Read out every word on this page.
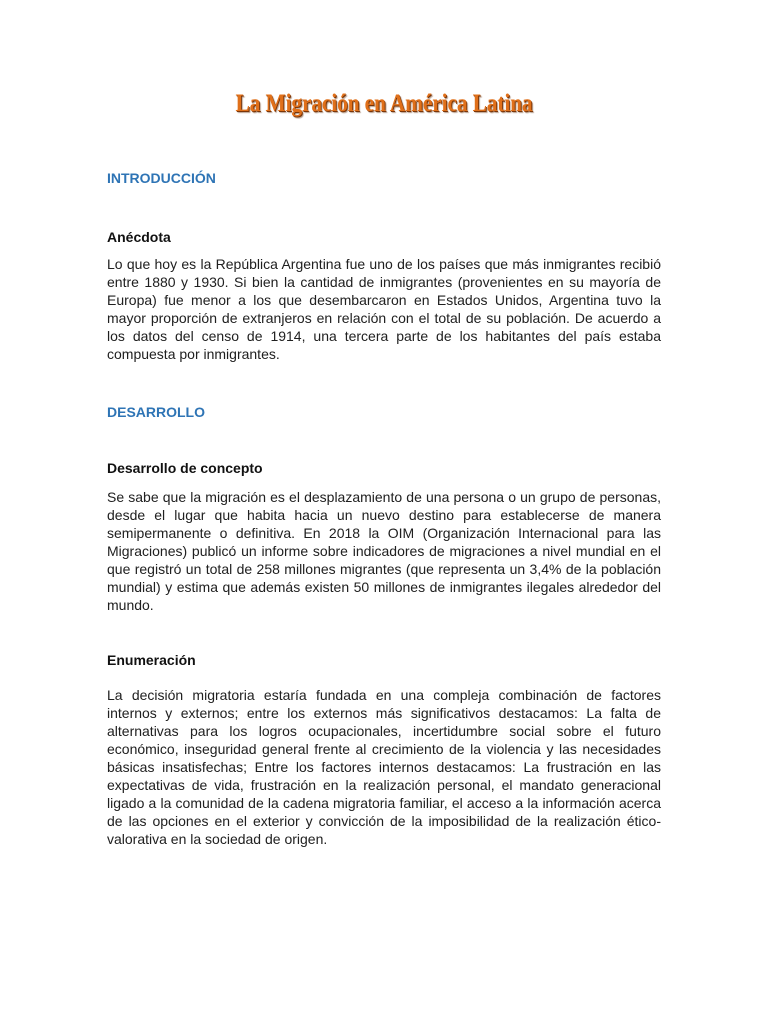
La Migración en América Latina
INTRODUCCIÓN
Anécdota

Lo que hoy es la República Argentina fue uno de los países que más inmigrantes recibió entre 1880 y 1930. Si bien la cantidad de inmigrantes (provenientes en su mayoría de Europa) fue menor a los que desembarcaron en Estados Unidos, Argentina tuvo la mayor proporción de extranjeros en relación con el total de su población. De acuerdo a los datos del censo de 1914, una tercera parte de los habitantes del país estaba compuesta por inmigrantes.

DESARROLLO
Desarrollo de concepto

Se sabe que la migración es el desplazamiento de una persona o un grupo de personas, desde el lugar que habita hacia un nuevo destino para establecerse de manera semipermanente o definitiva. En 2018 la OIM (Organización Internacional para las Migraciones) publicó un informe sobre indicadores de migraciones a nivel mundial en el que registró un total de 258 millones migrantes (que representa un 3,4% de la población mundial) y estima que además existen 50 millones de inmigrantes ilegales alrededor del mundo.

Enumeración

La decisión migratoria estaría fundada en una compleja combinación de factores internos y externos; entre los externos más significativos destacamos: La falta de alternativas para los logros ocupacionales, incertidumbre social sobre el futuro económico, inseguridad general frente al crecimiento de la violencia y las necesidades básicas insatisfechas; Entre los factores internos destacamos: La frustración en las expectativas de vida, frustración en la realización personal, el mandato generacional ligado a la comunidad de la cadena migratoria familiar, el acceso a la información acerca de las opciones en el exterior y convicción de la imposibilidad de la realización ético-valorativa en la sociedad de origen.
